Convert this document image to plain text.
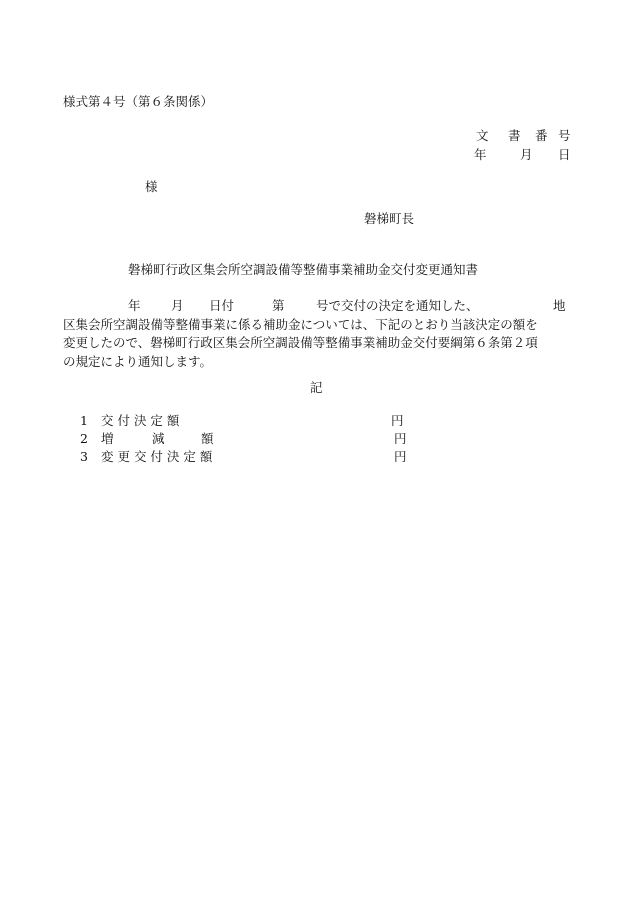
様式第４号（第６条関係）
文 書 番 号
年	月 日
様
磐梯町長
磐梯町行政区集会所空調設備等整備事業補助金交付変更通知書
年 月 日付	第	号で交付の決定を通知した、	地
区集会所空調設備等整備事業に係る補助金については、下記のとおり当該決定の額を
変更したので、磐梯町行政区集会所空調設備等整備事業補助金交付要綱第６条第２項
の規定により通知します。
記
1 交 付 決 定 額	円
2 増	減	額	円
3 変 更 交 付 決 定 額	円
